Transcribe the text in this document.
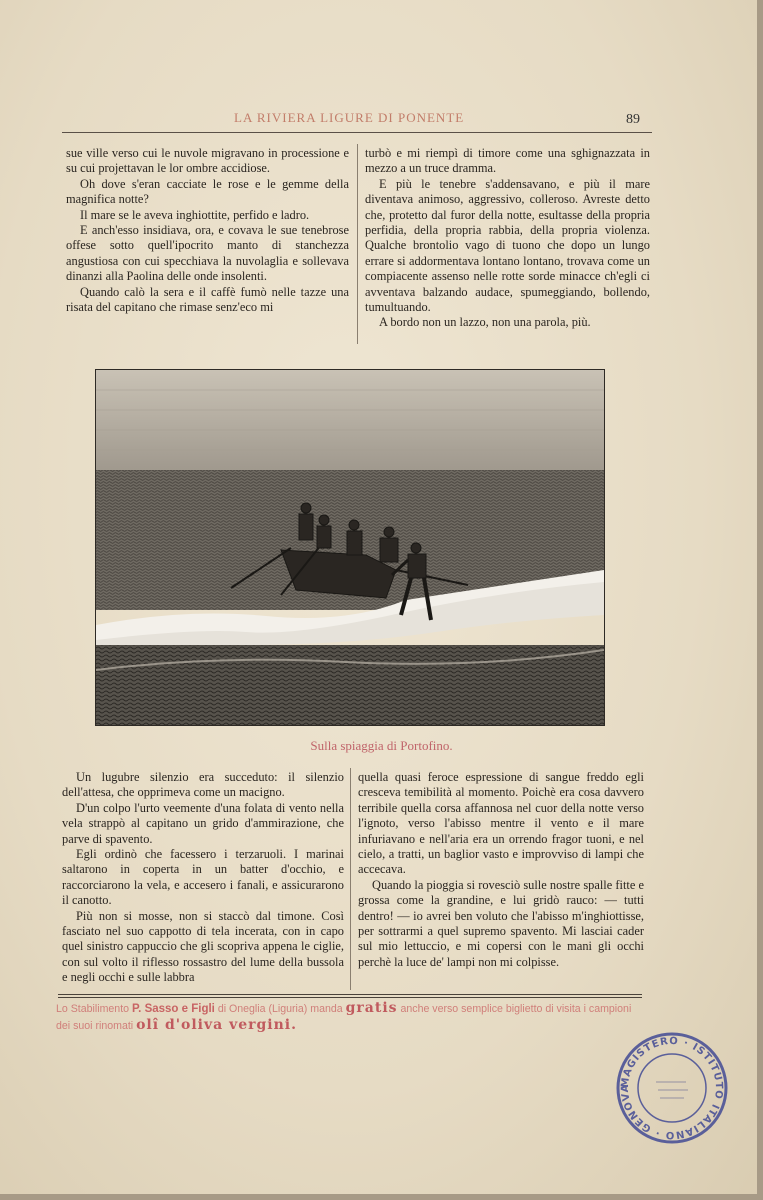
LA RIVIERA LIGURE DI PONENTE	89

sue ville verso cui le nuvole migravano in processione e su cui projettavan le lor ombre accidiose.

Oh dove s'eran cacciate le rose e le gemme della magnifica notte?

Il mare se le aveva inghiottite, perfido e ladro.

E anch'esso insidiava, ora, e covava le sue tenebrose offese sotto quell'ipocrito manto di stanchezza angustiosa con cui specchiava la nuvolaglia e sollevava dinanzi alla Paolina delle onde insolenti.

Quando calò la sera e il caffè fumò nelle tazze una risata del capitano che rimase senz'eco mi

turbò e mi riempì di timore come una sghignazzata in mezzo a un truce dramma.

E più le tenebre s'addensavano, e più il mare diventava animoso, aggressivo, colleroso. Avreste detto che, protetto dal furor della notte, esultasse della propria perfidia, della propria rabbia, della propria violenza. Qualche brontolio vago di tuono che dopo un lungo errare si addormentava lontano lontano, trovava come un compiacente assenso nelle rotte sorde minacce ch'egli ci avventava balzando audace, spumeggiando, bollendo, tumultuando.

A bordo non un lazzo, non una parola, più.

Sulla spiaggia di Portofino.

Un lugubre silenzio era succeduto: il silenzio dell'attesa, che opprimeva come un macigno.

D'un colpo l'urto veemente d'una folata di vento nella vela strappò al capitano un grido d'ammirazione, che parve di spavento.

Egli ordinò che facessero i terzaruoli. I marinai saltarono in coperta in un batter d'occhio, e raccorciarono la vela, e accesero i fanali, e assicurarono il canotto.

Più non si mosse, non si staccò dal timone. Così fasciato nel suo cappotto di tela incerata, con in capo quel sinistro cappuccio che gli scopriva appena le ciglie, con sul volto il riflesso rossastro del lume della bussola e negli occhi e sulle labbra

quella quasi feroce espressione di sangue freddo egli cresceva temibilità al momento. Poichè era cosa davvero terribile quella corsa affannosa nel cuor della notte verso l'ignoto, verso l'abisso mentre il vento e il mare infuriavano e nell'aria era un orrendo fragor tuoni, e nel cielo, a tratti, un baglior vasto e improvviso di lampi che accecava.

Quando la pioggia si rovesciò sulle nostre spalle fitte e grossa come la grandine, e lui gridò rauco: — tutti dentro! — io avrei ben voluto che l'abisso m'inghiottisse, per sottrarmi a quel supremo spavento. Mi lasciai cader sul mio lettuccio, e mi copersi con le mani gli occhi perchè la luce de' lampi non mi colpisse.

Lo Stabilimento P. Sasso e Figli di Oneglia (Liguria) manda gratis anche verso semplice biglietto di visita i campioni dei suoi rinomati olî d'oliva vergini.
MAGISTERO · ISTITUTO ITALIANO · GENOVA
